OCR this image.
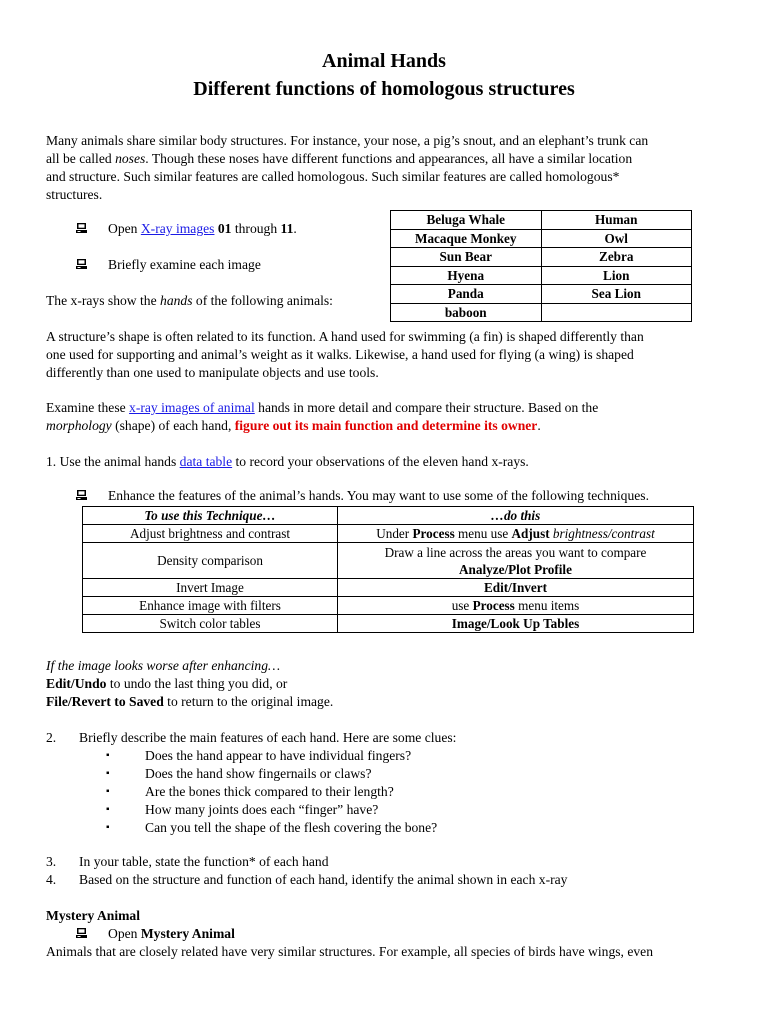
Animal Hands
Different functions of homologous structures
Many animals share similar body structures. For instance, your nose, a pig’s snout, and an elephant’s trunk can
all be called noses. Though these noses have different functions and appearances, all have a similar location
and structure. Such similar features are called homologous. Such similar features are called homologous*
structures.
Open X-ray images 01 through 11.
Briefly examine each image
The x-rays show the hands of the following animals:
Beluga Whale	Human
Macaque Monkey	Owl
Sun Bear	Zebra
Hyena	Lion
Panda	Sea Lion
baboon	
A structure’s shape is often related to its function. A hand used for swimming (a fin) is shaped differently than
one used for supporting and animal’s weight as it walks. Likewise, a hand used for flying (a wing) is shaped
differently than one used to manipulate objects and use tools.
Examine these x-ray images of animal hands in more detail and compare their structure. Based on the
morphology (shape) of each hand, figure out its main function and determine its owner.
1. Use the animal hands data table to record your observations of the eleven hand x-rays.
Enhance the features of the animal’s hands. You may want to use some of the following techniques.
To use this Technique…	…do this
Adjust brightness and contrast	Under Process menu use Adjust brightness/contrast
Density comparison	Draw a line across the areas you want to compare
Analyze/Plot Profile
Invert Image	Edit/Invert
Enhance image with filters	use Process menu items
Switch color tables	Image/Look Up Tables
If the image looks worse after enhancing…
Edit/Undo to undo the last thing you did, or
File/Revert to Saved to return to the original image.
2. Briefly describe the main features of each hand. Here are some clues:
▪	Does the hand appear to have individual fingers?
▪	Does the hand show fingernails or claws?
▪	Are the bones thick compared to their length?
▪	How many joints does each “finger” have?
▪	Can you tell the shape of the flesh covering the bone?
3. In your table, state the function* of each hand
4. Based on the structure and function of each hand, identify the animal shown in each x-ray
Mystery Animal
Open Mystery Animal
Animals that are closely related have very similar structures. For example, all species of birds have wings, even
